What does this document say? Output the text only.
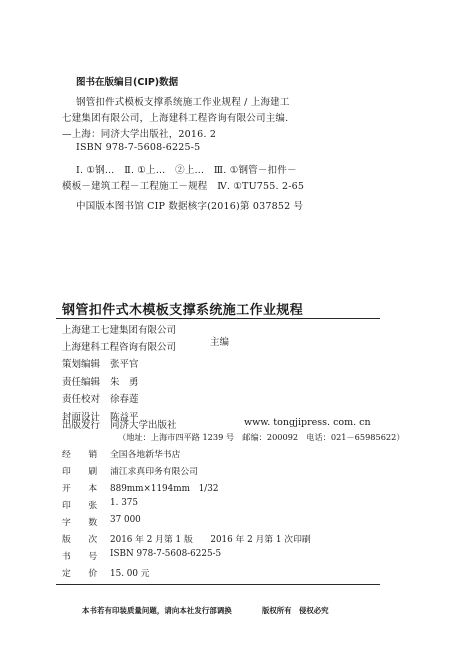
图书在版编目(CIP)数据
钢管扣件式模板支撑系统施工作业规程 / 上海建工
七建集团有限公司，上海建科工程咨询有限公司主编.
—上海：同济大学出版社，2016. 2
ISBN 978-7-5608-6225-5
Ⅰ. ①钢…　Ⅱ. ①上…　②上…　Ⅲ. ①钢管－扣件－
模板－建筑工程－工程施工－规程　Ⅳ. ①TU755. 2-65
中国版本图书馆 CIP 数据核字(2016)第 037852 号
钢管扣件式木模板支撑系统施工作业规程
上海建工七建集团有限公司
上海建科工程咨询有限公司	主编
策划编辑 张平官
责任编辑 朱　勇
责任校对 徐春莲
封面设计 陈益平
出版发行 同济大学出版社	www. tongjipress. com. cn
（地址：上海市四平路 1239 号　邮编：200092　电话：021－65985622）
经　　销 全国各地新华书店
印　　刷 浦江求真印务有限公司
开　　本 889mm×1194mm　1/32
印　　张 1. 375
字　　数 37 000
版　　次 2016 年 2 月第 1 版　　2016 年 2 月第 1 次印刷
书　　号 ISBN 978-7-5608-6225-5
定　　价 15. 00 元
本书若有印装质量问题，请向本社发行部调换	版权所有　侵权必究
